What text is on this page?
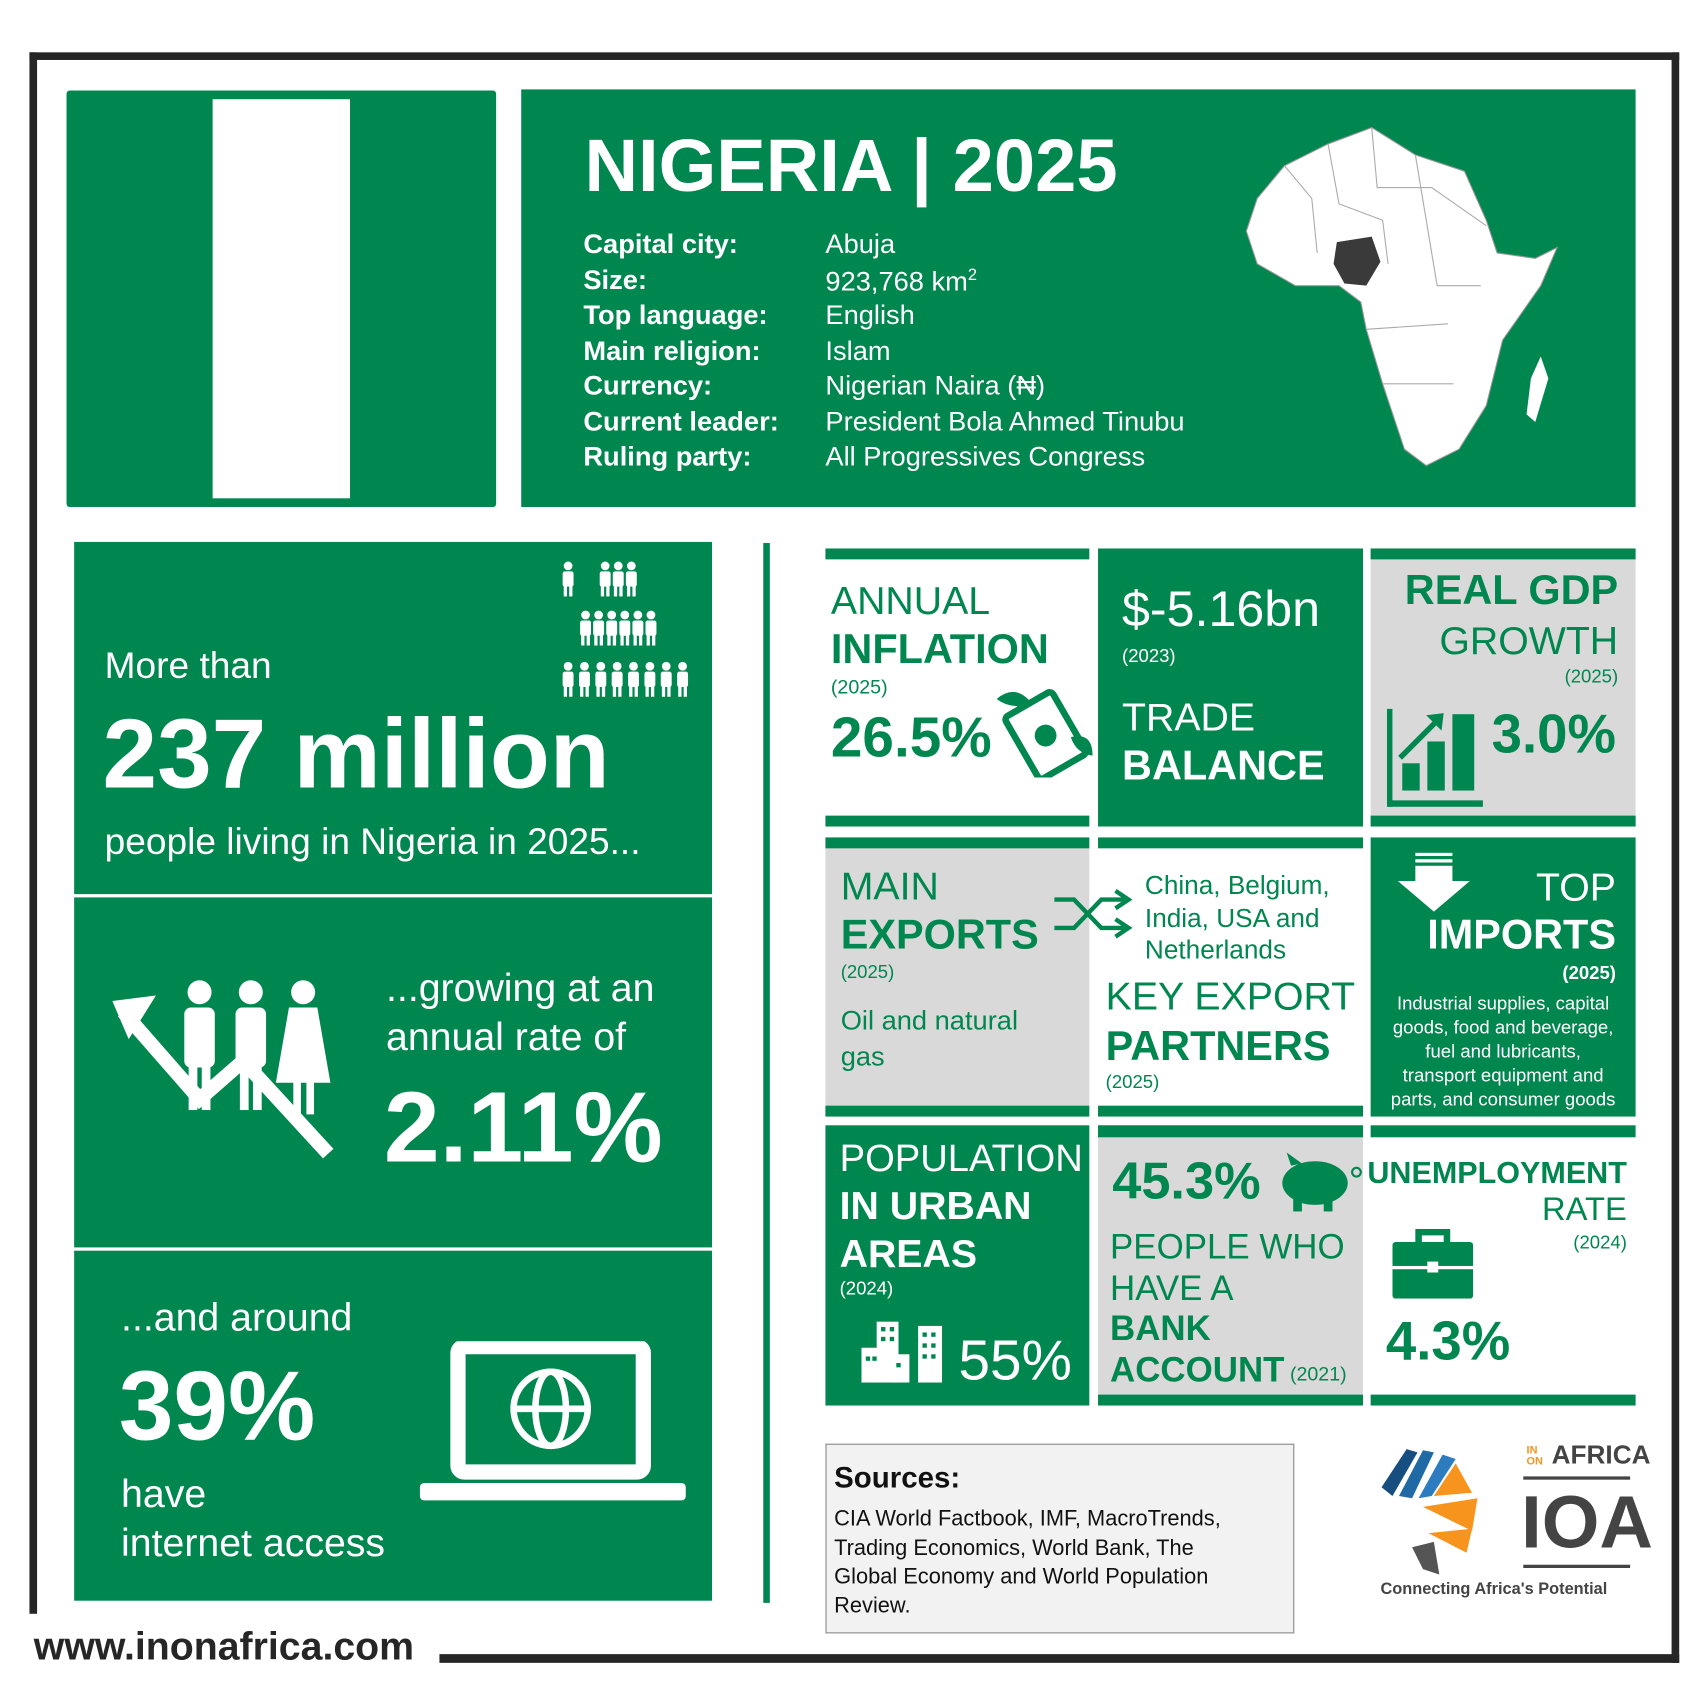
www.inonafrica.com
NIGERIA | 2025
Capital city:	Abuja
Size:	923,768 $km^2$
Top language: English
Main religion:	Islam
Currency:	Nigerian Naira (₦)
Current leader: President Bola Ahmed Tinubu
Ruling party:	All Progressives Congress
More than
237 million
people living in Nigeria in 2025...
...growing at an
annual rate of
2.11%
...and around
39%
have
internet access
ANNUAL
INFLATION
(2025)
26.5%
$-5.16bn
(2023)
TRADE
BALANCE
REAL GDP
GROWTH
(2025)
3.0%
MAIN
EXPORTS
(2025)
Oil and natural
gas
China, Belgium,
India, USA and
Netherlands
KEY EXPORT
PARTNERS
(2025)
TOP
IMPORTS
(2025)
Industrial supplies, capital
goods, food and beverage,
fuel and lubricants,
transport equipment and
parts, and consumer goods
POPULATION
IN URBAN
AREAS
(2024)
55%
45.3%
PEOPLE WHO
HAVE A
BANK
ACCOUNT (2021)
UNEMPLOYMENT
RATE
(2024)
4.3%
Sources:
CIA World Factbook, IMF, MacroTrends,
Trading Economics, World Bank, The
Global Economy and World Population
Review.
IN ON AFRICA
IOA
Connecting Africa's Potential
